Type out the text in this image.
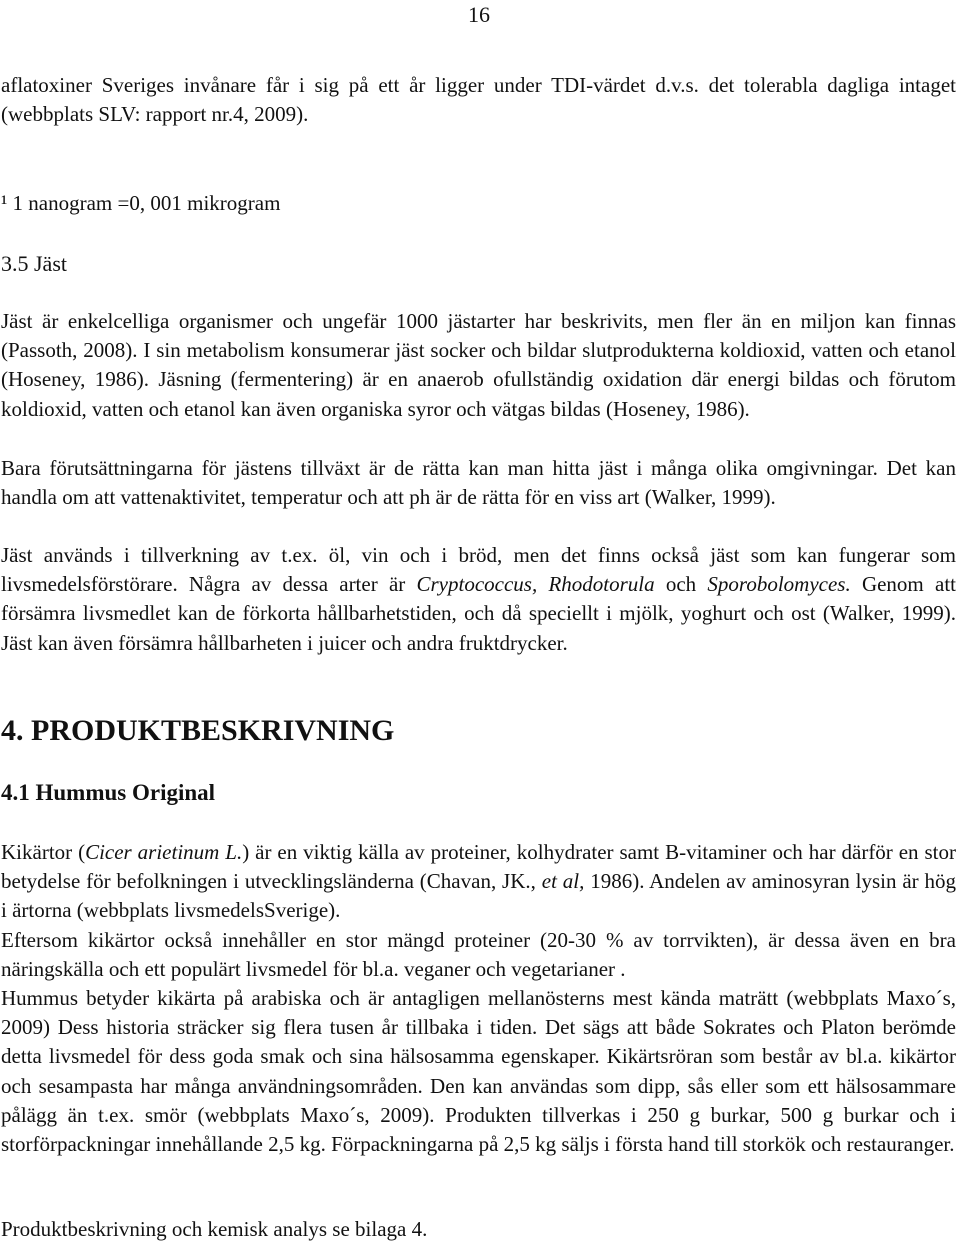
16
aflatoxiner Sveriges invånare får i sig på ett år ligger under TDI-värdet d.v.s. det tolerabla dagliga intaget (webbplats SLV: rapport nr.4, 2009).
¹ 1 nanogram =0, 001 mikrogram
3.5 Jäst
Jäst är enkelcelliga organismer och ungefär 1000 jästarter har beskrivits, men fler än en miljon kan finnas (Passoth, 2008). I sin metabolism konsumerar jäst socker och bildar slutprodukterna koldioxid, vatten och etanol (Hoseney, 1986). Jäsning (fermentering) är en anaerob ofullständig oxidation där energi bildas och förutom koldioxid, vatten och etanol kan även organiska syror och vätgas bildas (Hoseney, 1986).
Bara förutsättningarna för jästens tillväxt är de rätta kan man hitta jäst i många olika omgivningar. Det kan handla om att vattenaktivitet, temperatur och att ph är de rätta för en viss art (Walker, 1999).
Jäst används i tillverkning av t.ex. öl, vin och i bröd, men det finns också jäst som kan fungerar som livsmedelsförstörare. Några av dessa arter är Cryptococcus, Rhodotorula och Sporobolomyces. Genom att försämra livsmedlet kan de förkorta hållbarhetstiden, och då speciellt i mjölk, yoghurt och ost (Walker, 1999). Jäst kan även försämra hållbarheten i juicer och andra fruktdrycker.
4. PRODUKTBESKRIVNING
4.1 Hummus Original
Kikärtor (Cicer arietinum L.) är en viktig källa av proteiner, kolhydrater samt B-vitaminer och har därför en stor betydelse för befolkningen i utvecklingsländerna (Chavan, JK., et al, 1986). Andelen av aminosyran lysin är hög i ärtorna (webbplats livsmedelsSverige).
Eftersom kikärtor också innehåller en stor mängd proteiner (20-30 % av torrvikten), är dessa även en bra näringskälla och ett populärt livsmedel för bl.a. veganer och vegetarianer .
Hummus betyder kikärta på arabiska och är antagligen mellanösterns mest kända maträtt (webbplats Maxo´s, 2009) Dess historia sträcker sig flera tusen år tillbaka i tiden. Det sägs att både Sokrates och Platon berömde detta livsmedel för dess goda smak och sina hälsosamma egenskaper. Kikärtsröran som består av bl.a. kikärtor och sesampasta har många användningsområden. Den kan användas som dipp, sås eller som ett hälsosammare pålägg än t.ex. smör (webbplats Maxo´s, 2009). Produkten tillverkas i 250 g burkar, 500 g burkar och i storförpackningar innehållande 2,5 kg. Förpackningarna på 2,5 kg säljs i första hand till storkök och restauranger.
Produktbeskrivning och kemisk analys se bilaga 4.
